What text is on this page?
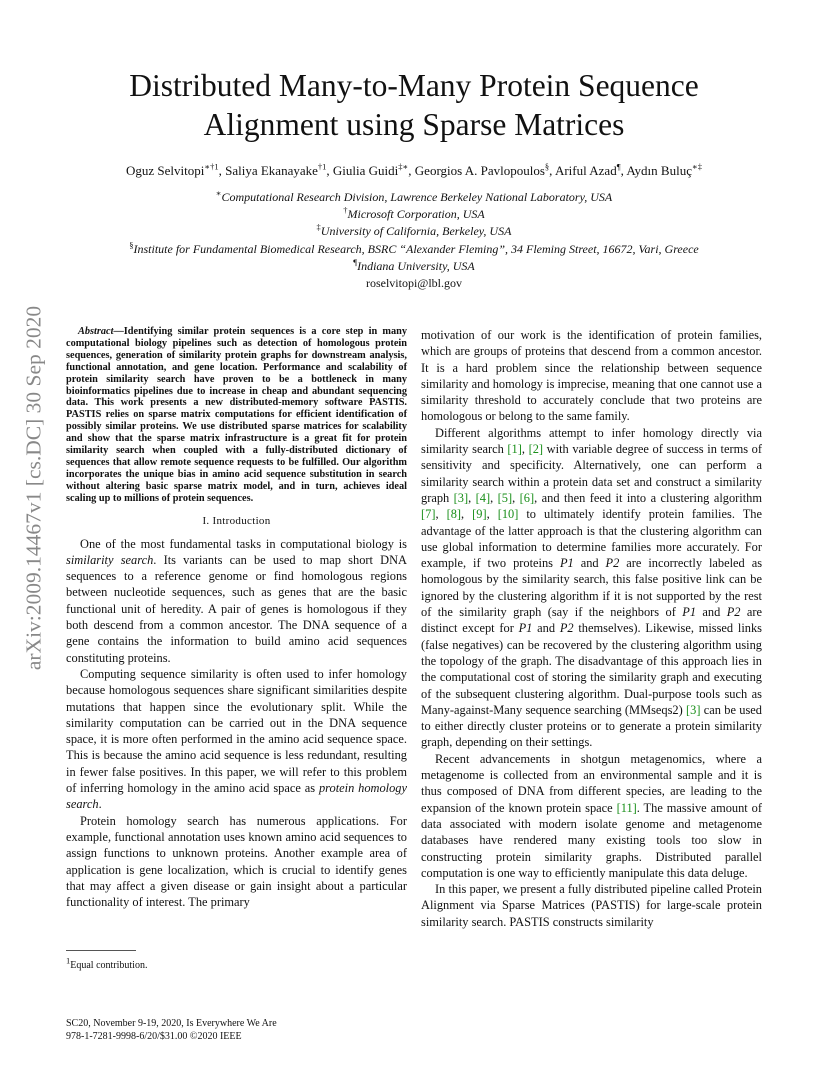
Distributed Many-to-Many Protein Sequence
Alignment using Sparse Matrices

Oguz Selvitopi$^{∗\dagger 1}$, Saliya Ekanayake$^{\dagger 1}$, Giulia Guidi‡∗, Georgios A. Pavlopoulos§, Ariful Azad¶, Aydın Buluç∗‡

∗Computational Research Division, Lawrence Berkeley National Laboratory, USA
†Microsoft Corporation, USA
‡University of California, Berkeley, USA
§Institute for Fundamental Biomedical Research, BSRC “Alexander Fleming”, 34 Fleming Street, 16672, Vari, Greece
¶Indiana University, USA
roselvitopi@lbl.gov
arXiv:2009.14467v1 [cs.DC] 30 Sep 2020	Abstract—Identifying similar protein sequences is a core step in many computational biology pipelines such as detection of homologous protein sequences, generation of similarity protein graphs for downstream analysis, functional annotation, and gene location. Performance and scalability of protein similarity search have proven to be a bottleneck in many bioinformatics pipelines due to increase in cheap and abundant sequencing data. This work presents a new distributed-memory software PASTIS. PASTIS relies on sparse matrix computations for efficient identification of possibly similar proteins. We use distributed sparse matrices for scalability and show that the sparse matrix infrastructure is a great fit for protein similarity search when coupled with a fully-distributed dictionary of sequences that allow remote sequence requests to be fulfilled. Our algorithm incorporates the unique bias in amino acid sequence substitution in search without altering basic sparse matrix model, and in turn, achieves ideal scaling up to millions of protein sequences.

I. Introduction

One of the most fundamental tasks in computational biology is similarity search. Its variants can be used to map short DNA sequences to a reference genome or find homologous regions between nucleotide sequences, such as genes that are the basic functional unit of heredity. A pair of genes is homologous if they both descend from a common ancestor. The DNA sequence of a gene contains the information to build amino acid sequences constituting proteins.

Computing sequence similarity is often used to infer homology because homologous sequences share significant similarities despite mutations that happen since the evolutionary split. While the similarity computation can be carried out in the DNA sequence space, it is more often performed in the amino acid sequence space. This is because the amino acid sequence is less redundant, resulting in fewer false positives. In this paper, we will refer to this problem of inferring homology in the amino acid space as protein homology search.

Protein homology search has numerous applications. For example, functional annotation uses known amino acid sequences to assign functions to unknown proteins. Another example area of application is gene localization, which is crucial to identify genes that may affect a given disease or gain insight about a particular functionality of interest. The primary

$^1$Equal contribution.
SC20, November 9-19, 2020, Is Everywhere We Are
978-1-7281-9998-6/20/$31.00 ©2020 IEEE

motivation of our work is the identification of protein families, which are groups of proteins that descend from a common ancestor. It is a hard problem since the relationship between sequence similarity and homology is imprecise, meaning that one cannot use a similarity threshold to accurately conclude that two proteins are homologous or belong to the same family.

Different algorithms attempt to infer homology directly via similarity search [1], [2] with variable degree of success in terms of sensitivity and specificity. Alternatively, one can perform a similarity search within a protein data set and construct a similarity graph [3], [4], [5], [6], and then feed it into a clustering algorithm [7], [8], [9], [10] to ultimately identify protein families. The advantage of the latter approach is that the clustering algorithm can use global information to determine families more accurately. For example, if two proteins P1 and P2 are incorrectly labeled as homologous by the similarity search, this false positive link can be ignored by the clustering algorithm if it is not supported by the rest of the similarity graph (say if the neighbors of P1 and P2 are distinct except for P1 and P2 themselves). Likewise, missed links (false negatives) can be recovered by the clustering algorithm using the topology of the graph. The disadvantage of this approach lies in the computational cost of storing the similarity graph and executing of the subsequent clustering algorithm. Dual-purpose tools such as Many-against-Many sequence searching (MMseqs2) [3] can be used to either directly cluster proteins or to generate a protein similarity graph, depending on their settings.

Recent advancements in shotgun metagenomics, where a metagenome is collected from an environmental sample and it is thus composed of DNA from different species, are leading to the expansion of the known protein space [11]. The massive amount of data associated with modern isolate genome and metagenome databases have rendered many existing tools too slow in constructing protein similarity graphs. Distributed parallel computation is one way to efficiently manipulate this data deluge.

In this paper, we present a fully distributed pipeline called Protein Alignment via Sparse Matrices (PASTIS) for large-scale protein similarity search. PASTIS constructs similarity
